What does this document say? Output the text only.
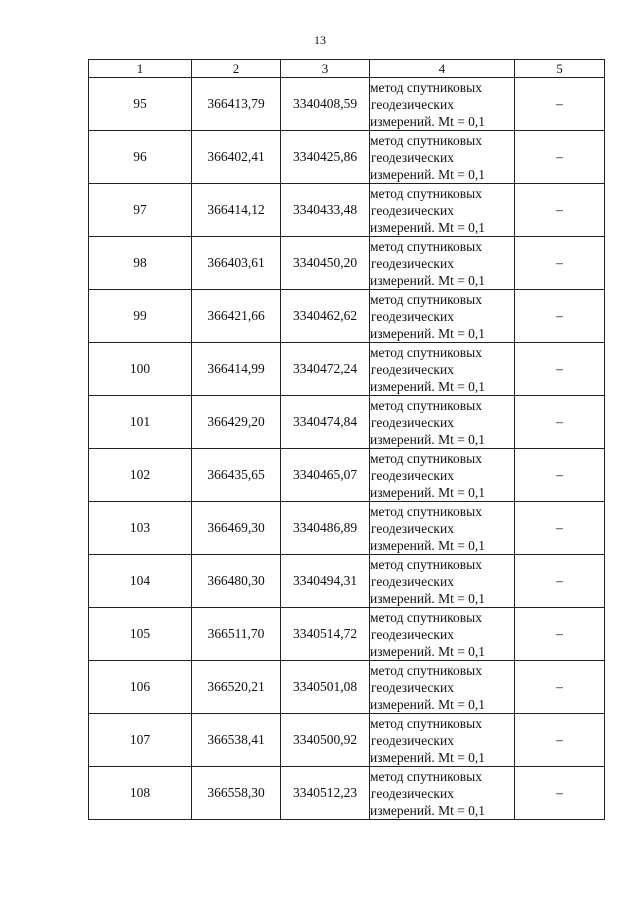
13
1	2	3	4	5
95	366413,79	3340408,59	метод спутниковых
геодезических
измерений. Mt = 0,1	–
96	366402,41	3340425,86	метод спутниковых
геодезических
измерений. Mt = 0,1	–
97	366414,12	3340433,48	метод спутниковых
геодезических
измерений. Mt = 0,1	–
98	366403,61	3340450,20	метод спутниковых
геодезических
измерений. Mt = 0,1	–
99	366421,66	3340462,62	метод спутниковых
геодезических
измерений. Mt = 0,1	–
100	366414,99	3340472,24	метод спутниковых
геодезических
измерений. Mt = 0,1	–
101	366429,20	3340474,84	метод спутниковых
геодезических
измерений. Mt = 0,1	–
102	366435,65	3340465,07	метод спутниковых
геодезических
измерений. Mt = 0,1	–
103	366469,30	3340486,89	метод спутниковых
геодезических
измерений. Mt = 0,1	–
104	366480,30	3340494,31	метод спутниковых
геодезических
измерений. Mt = 0,1	–
105	366511,70	3340514,72	метод спутниковых
геодезических
измерений. Mt = 0,1	–
106	366520,21	3340501,08	метод спутниковых
геодезических
измерений. Mt = 0,1	–
107	366538,41	3340500,92	метод спутниковых
геодезических
измерений. Mt = 0,1	–
108	366558,30	3340512,23	метод спутниковых
геодезических
измерений. Mt = 0,1	–
